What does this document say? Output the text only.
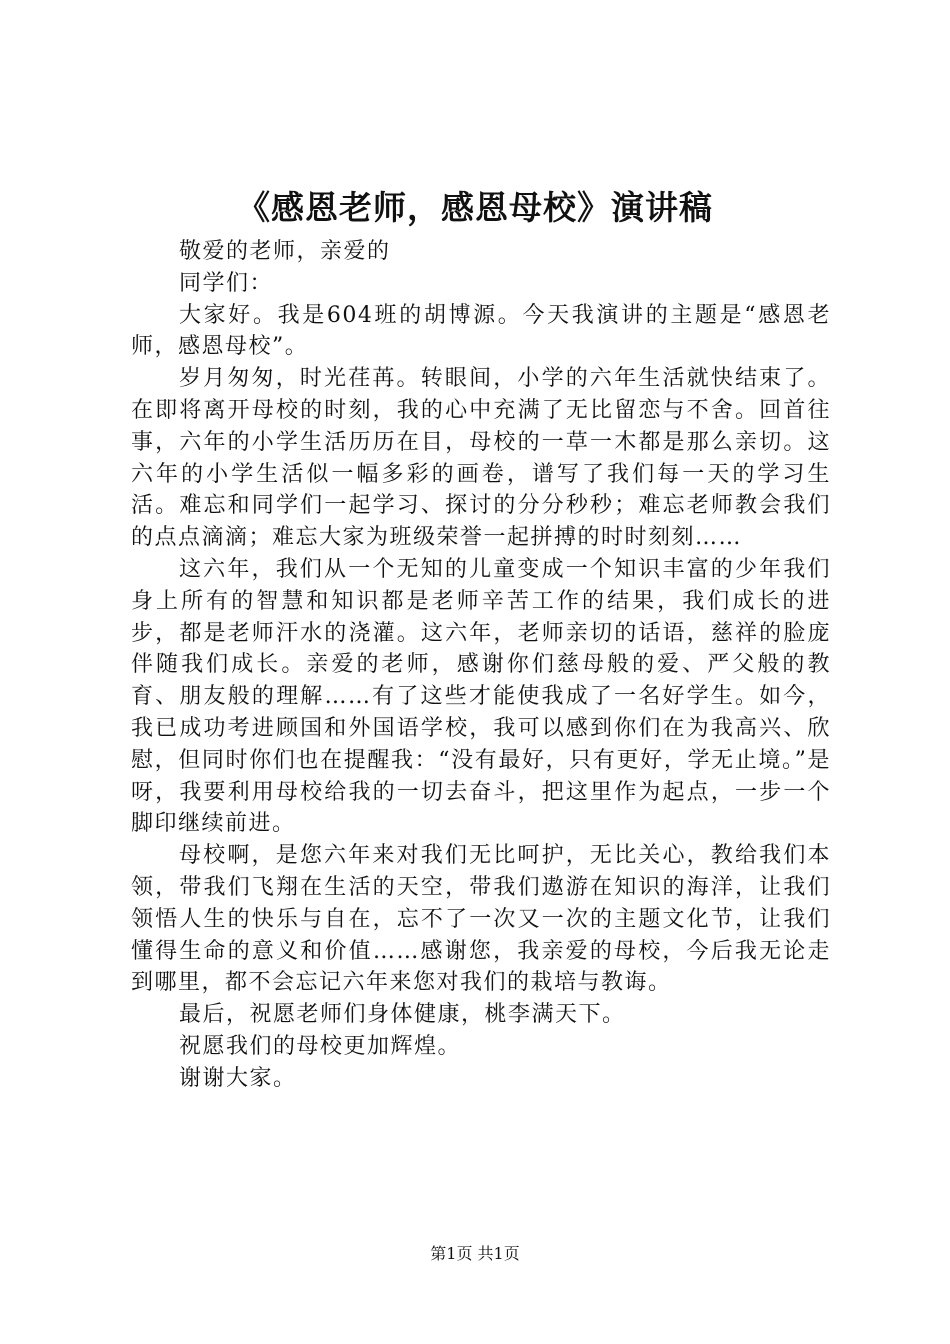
《感恩老师，感恩母校》演讲稿

敬爱的老师，亲爱的

同学们：

大家好。我是604班的胡博源。今天我演讲的主题是“感恩老师，感恩母校”。

岁月匆匆，时光荏苒。转眼间，小学的六年生活就快结束了。在即将离开母校的时刻，我的心中充满了无比留恋与不舍。回首往事，六年的小学生活历历在目，母校的一草一木都是那么亲切。这六年的小学生活似一幅多彩的画卷，谱写了我们每一天的学习生活。难忘和同学们一起学习、探讨的分分秒秒；难忘老师教会我们的点点滴滴；难忘大家为班级荣誉一起拼搏的时时刻刻……

这六年，我们从一个无知的儿童变成一个知识丰富的少年我们身上所有的智慧和知识都是老师辛苦工作的结果，我们成长的进步，都是老师汗水的浇灌。这六年，老师亲切的话语，慈祥的脸庞伴随我们成长。亲爱的老师，感谢你们慈母般的爱、严父般的教育、朋友般的理解……有了这些才能使我成了一名好学生。如今，我已成功考进顾国和外国语学校，我可以感到你们在为我高兴、欣慰，但同时你们也在提醒我：“没有最好，只有更好，学无止境。”是呀，我要利用母校给我的一切去奋斗，把这里作为起点，一步一个脚印继续前进。

母校啊，是您六年来对我们无比呵护，无比关心，教给我们本领，带我们飞翔在生活的天空，带我们遨游在知识的海洋，让我们领悟人生的快乐与自在，忘不了一次又一次的主题文化节，让我们懂得生命的意义和价值……感谢您，我亲爱的母校，今后我无论走到哪里，都不会忘记六年来您对我们的栽培与教诲。

最后，祝愿老师们身体健康，桃李满天下。

祝愿我们的母校更加辉煌。

谢谢大家。

第1页 共1页
